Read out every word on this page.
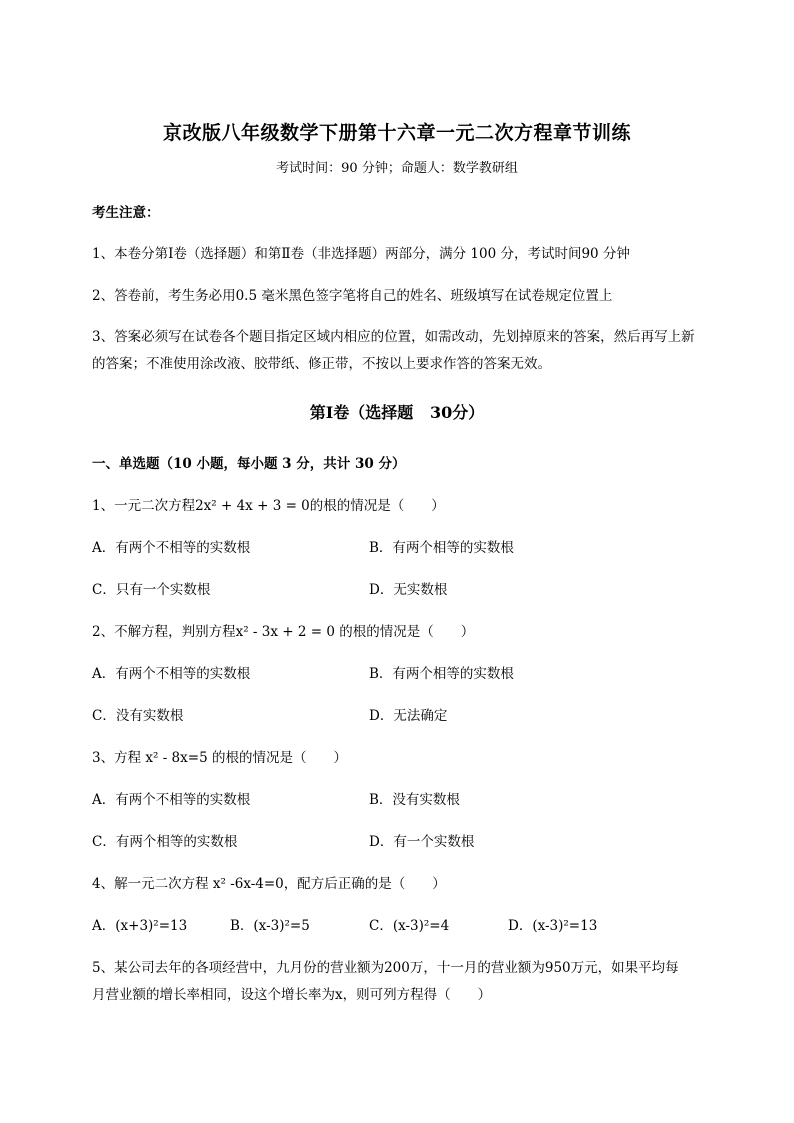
京改版八年级数学下册第十六章一元二次方程章节训练
考试时间：90 分钟；命题人：数学教研组
考生注意：
1、本卷分第Ⅰ卷（选择题）和第Ⅱ卷（非选择题）两部分，满分 100 分，考试时间90 分钟
2、答卷前，考生务必用0.5 毫米黑色签字笔将自己的姓名、班级填写在试卷规定位置上
3、答案必须写在试卷各个题目指定区域内相应的位置，如需改动，先划掉原来的答案，然后再写上新
的答案；不准使用涂改液、胶带纸、修正带，不按以上要求作答的答案无效。
第Ⅰ卷（选择题   30分）
一、单选题（10 小题，每小题 3 分，共计 30 分）
1、一元二次方程2x² + 4x + 3 = 0的根的情况是（　　）
A．有两个不相等的实数根	B．有两个相等的实数根
C．只有一个实数根	D．无实数根
2、不解方程，判别方程x² - 3x + 2 = 0 的根的情况是（　　）
A．有两个不相等的实数根	B．有两个相等的实数根
C．没有实数根	D．无法确定
3、方程 x² - 8x=5 的根的情况是（　　）
A．有两个不相等的实数根	B．没有实数根
C．有两个相等的实数根	D．有一个实数根
4、解一元二次方程 x² -6x-4=0，配方后正确的是（　　）
A．(x+3)²=13	B．(x-3)²=5	C．(x-3)²=4	D．(x-3)²=13
5、某公司去年的各项经营中，九月份的营业额为200万，十一月的营业额为950万元，如果平均每
月营业额的增长率相同，设这个增长率为x，则可列方程得（　　）
